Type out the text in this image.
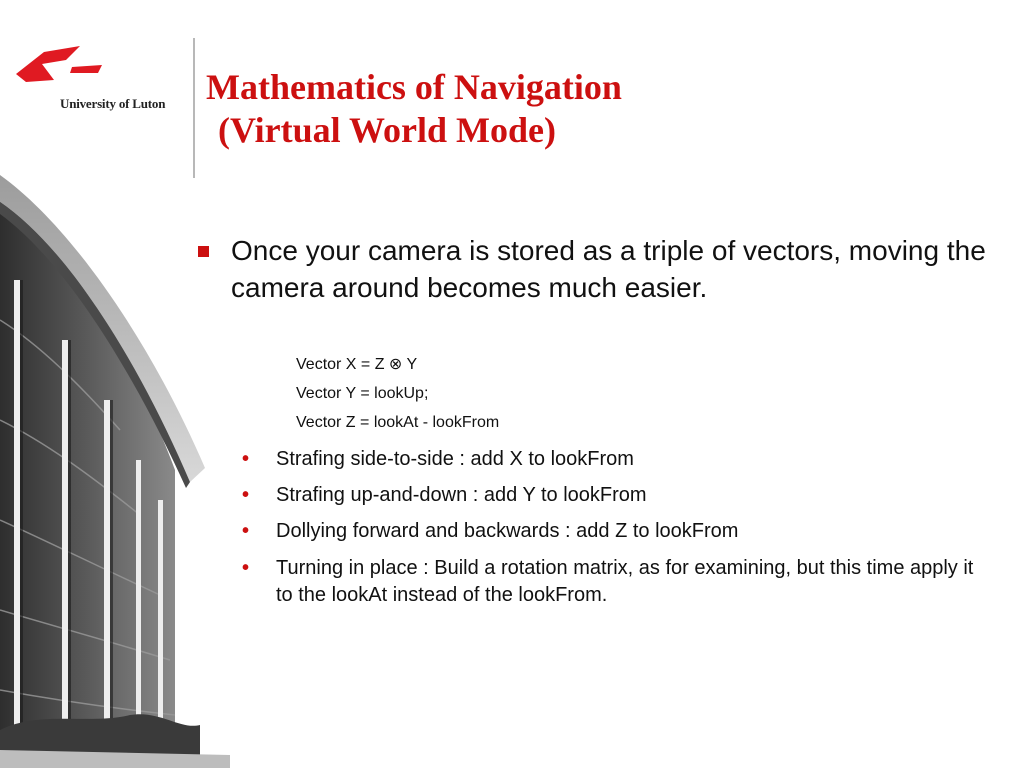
University of Luton Mathematics of Navigation
(Virtual World Mode)
Once your camera is stored as a triple of vectors, moving the camera around becomes much easier.
Vector X = Z ⊗ Y
Vector Y = lookUp;
Vector Z = lookAt - lookFrom
• Strafing side-to-side : add X to lookFrom
• Strafing up-and-down : add Y to lookFrom
• Dollying forward and backwards : add Z to lookFrom
• Turning in place : Build a rotation matrix, as for examining, but this time apply it to the lookAt instead of the lookFrom.
